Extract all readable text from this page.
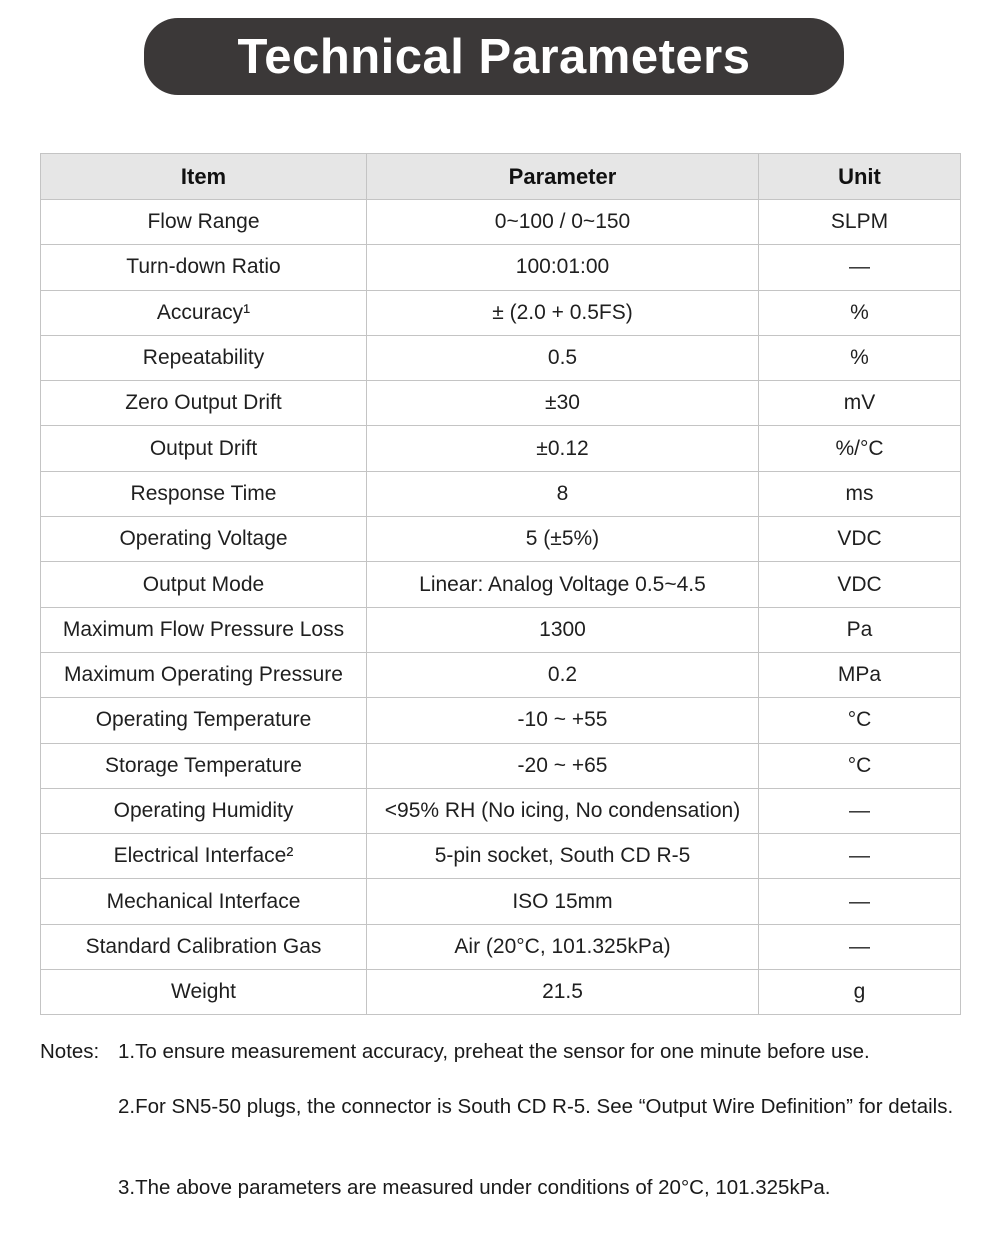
Technical Parameters
Item	Parameter	Unit
Flow Range	0~100 / 0~150	SLPM
Turn-down Ratio	100:01:00	—
Accuracy¹	± (2.0 + 0.5FS)	%
Repeatability	0.5	%
Zero Output Drift	±30	mV
Output Drift	±0.12	%/°C
Response Time	8	ms
Operating Voltage	5 (±5%)	VDC
Output Mode	Linear: Analog Voltage 0.5~4.5	VDC
Maximum Flow Pressure Loss	1300	Pa
Maximum Operating Pressure	0.2	MPa
Operating Temperature	-10 ~ +55	°C
Storage Temperature	-20 ~ +65	°C
Operating Humidity	<95% RH (No icing, No condensation)	—
Electrical Interface²	5-pin socket, South CD R-5	—
Mechanical Interface	ISO 15mm	—
Standard Calibration Gas	Air (20°C, 101.325kPa)	—
Weight	21.5	g
Notes: 1.To ensure measurement accuracy, preheat the sensor for one minute before use.
2.For SN5-50 plugs, the connector is South CD R-5. See “Output Wire Definition” for details.
3.The above parameters are measured under conditions of 20°C, 101.325kPa.
